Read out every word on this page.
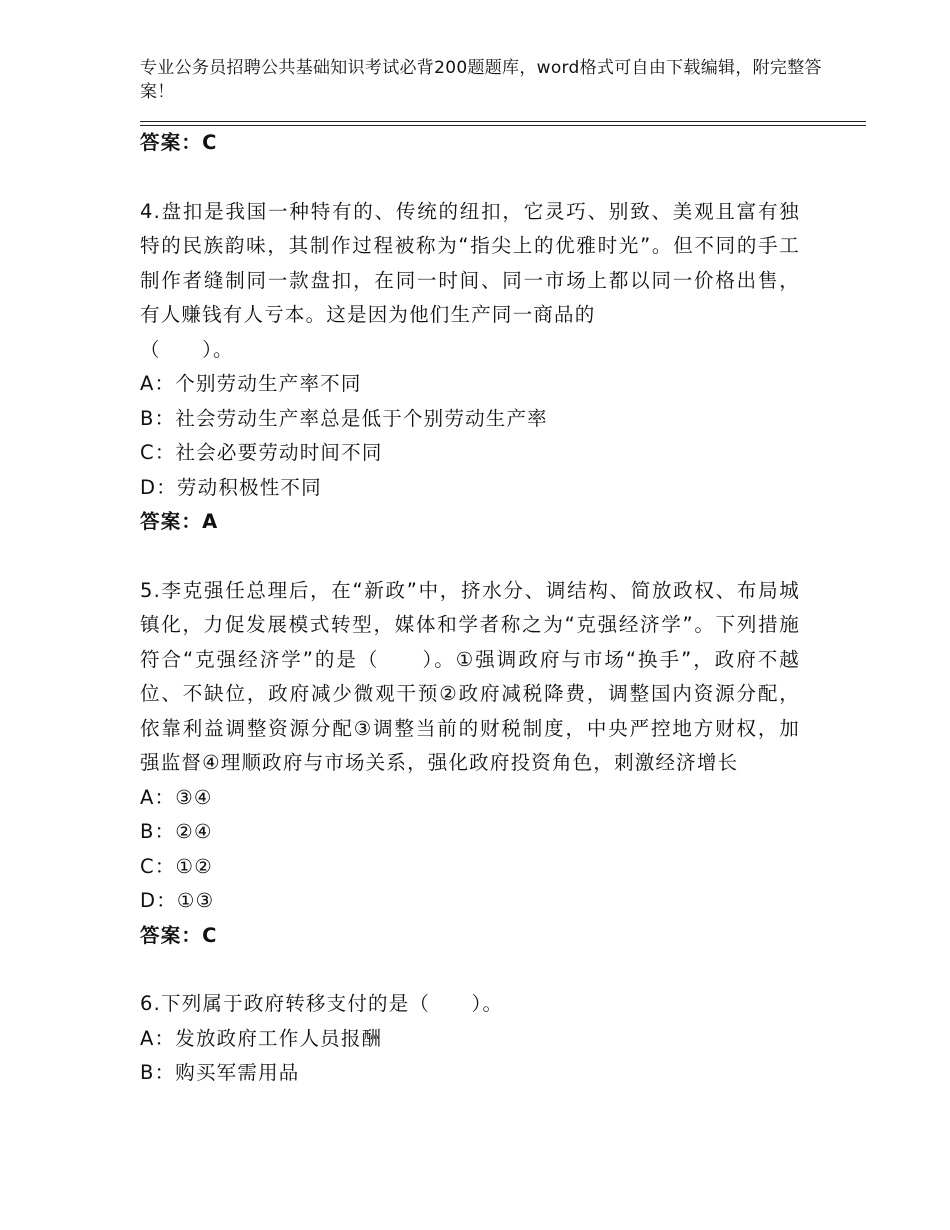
专业公务员招聘公共基础知识考试必背200题题库，word格式可自由下载编辑，附完整答案！

答案：C

4.盘扣是我国一种特有的、传统的纽扣，它灵巧、别致、美观且富有独特的民族韵味，其制作过程被称为“指尖上的优雅时光”。但不同的手工制作者缝制同一款盘扣，在同一时间、同一市场上都以同一价格出售，有人赚钱有人亏本。这是因为他们生产同一商品的

（　　）。

A：个别劳动生产率不同

B：社会劳动生产率总是低于个别劳动生产率

C：社会必要劳动时间不同

D：劳动积极性不同

答案：A

5.李克强任总理后，在“新政”中，挤水分、调结构、简放政权、布局城镇化，力促发展模式转型，媒体和学者称之为“克强经济学”。下列措施符合“克强经济学”的是（　　）。①强调政府与市场“换手”，政府不越位、不缺位，政府减少微观干预②政府减税降费，调整国内资源分配，依靠利益调整资源分配③调整当前的财税制度，中央严控地方财权，加强监督④理顺政府与市场关系，强化政府投资角色，刺激经济增长

A：③④

B：②④

C：①②

D：①③

答案：C

6.下列属于政府转移支付的是（　　）。

A：发放政府工作人员报酬

B：购买军需用品
